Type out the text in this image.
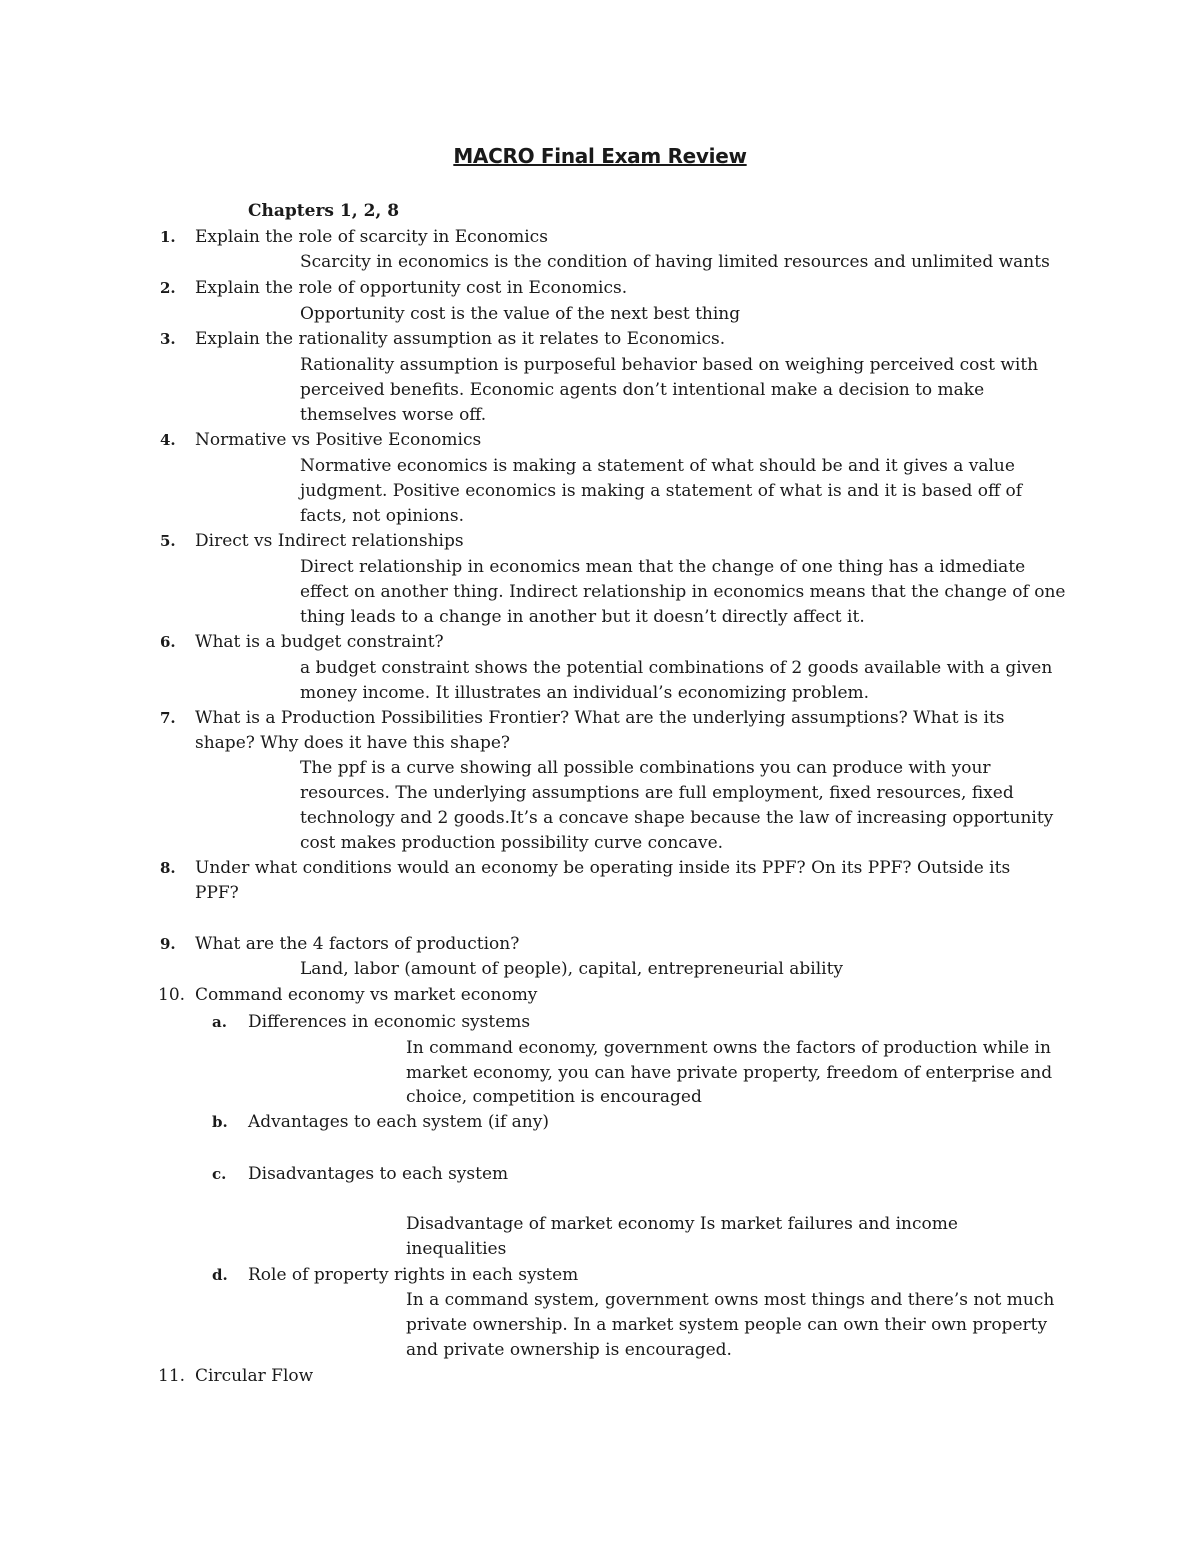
MACRO Final Exam Review
Chapters 1, 2, 8
1. Explain the role of scarcity in Economics
Scarcity in economics is the condition of having limited resources and unlimited wants
2. Explain the role of opportunity cost in Economics.
Opportunity cost is the value of the next best thing
3. Explain the rationality assumption as it relates to Economics.
Rationality assumption is purposeful behavior based on weighing perceived cost with
perceived benefits. Economic agents don’t intentional make a decision to make
themselves worse off.
4. Normative vs Positive Economics
Normative economics is making a statement of what should be and it gives a value
judgment. Positive economics is making a statement of what is and it is based off of
facts, not opinions.
5. Direct vs Indirect relationships
Direct relationship in economics mean that the change of one thing has a idmediate
effect on another thing. Indirect relationship in economics means that the change of one
thing leads to a change in another but it doesn’t directly affect it.
6. What is a budget constraint?
a budget constraint shows the potential combinations of 2 goods available with a given
money income. It illustrates an individual’s economizing problem.
7. What is a Production Possibilities Frontier? What are the underlying assumptions? What is its
shape? Why does it have this shape?
The ppf is a curve showing all possible combinations you can produce with your
resources. The underlying assumptions are full employment, fixed resources, fixed
technology and 2 goods.It’s a concave shape because the law of increasing opportunity
cost makes production possibility curve concave.
8. Under what conditions would an economy be operating inside its PPF? On its PPF? Outside its
PPF?
9. What are the 4 factors of production?
Land, labor (amount of people), capital, entrepreneurial ability
10. Command economy vs market economy
a. Differences in economic systems
In command economy, government owns the factors of production while in
market economy, you can have private property, freedom of enterprise and
choice, competition is encouraged
b. Advantages to each system (if any)
c. Disadvantages to each system
Disadvantage of market economy Is market failures and income
inequalities
d. Role of property rights in each system
In a command system, government owns most things and there’s not much
private ownership. In a market system people can own their own property
and private ownership is encouraged.
11. Circular Flow
